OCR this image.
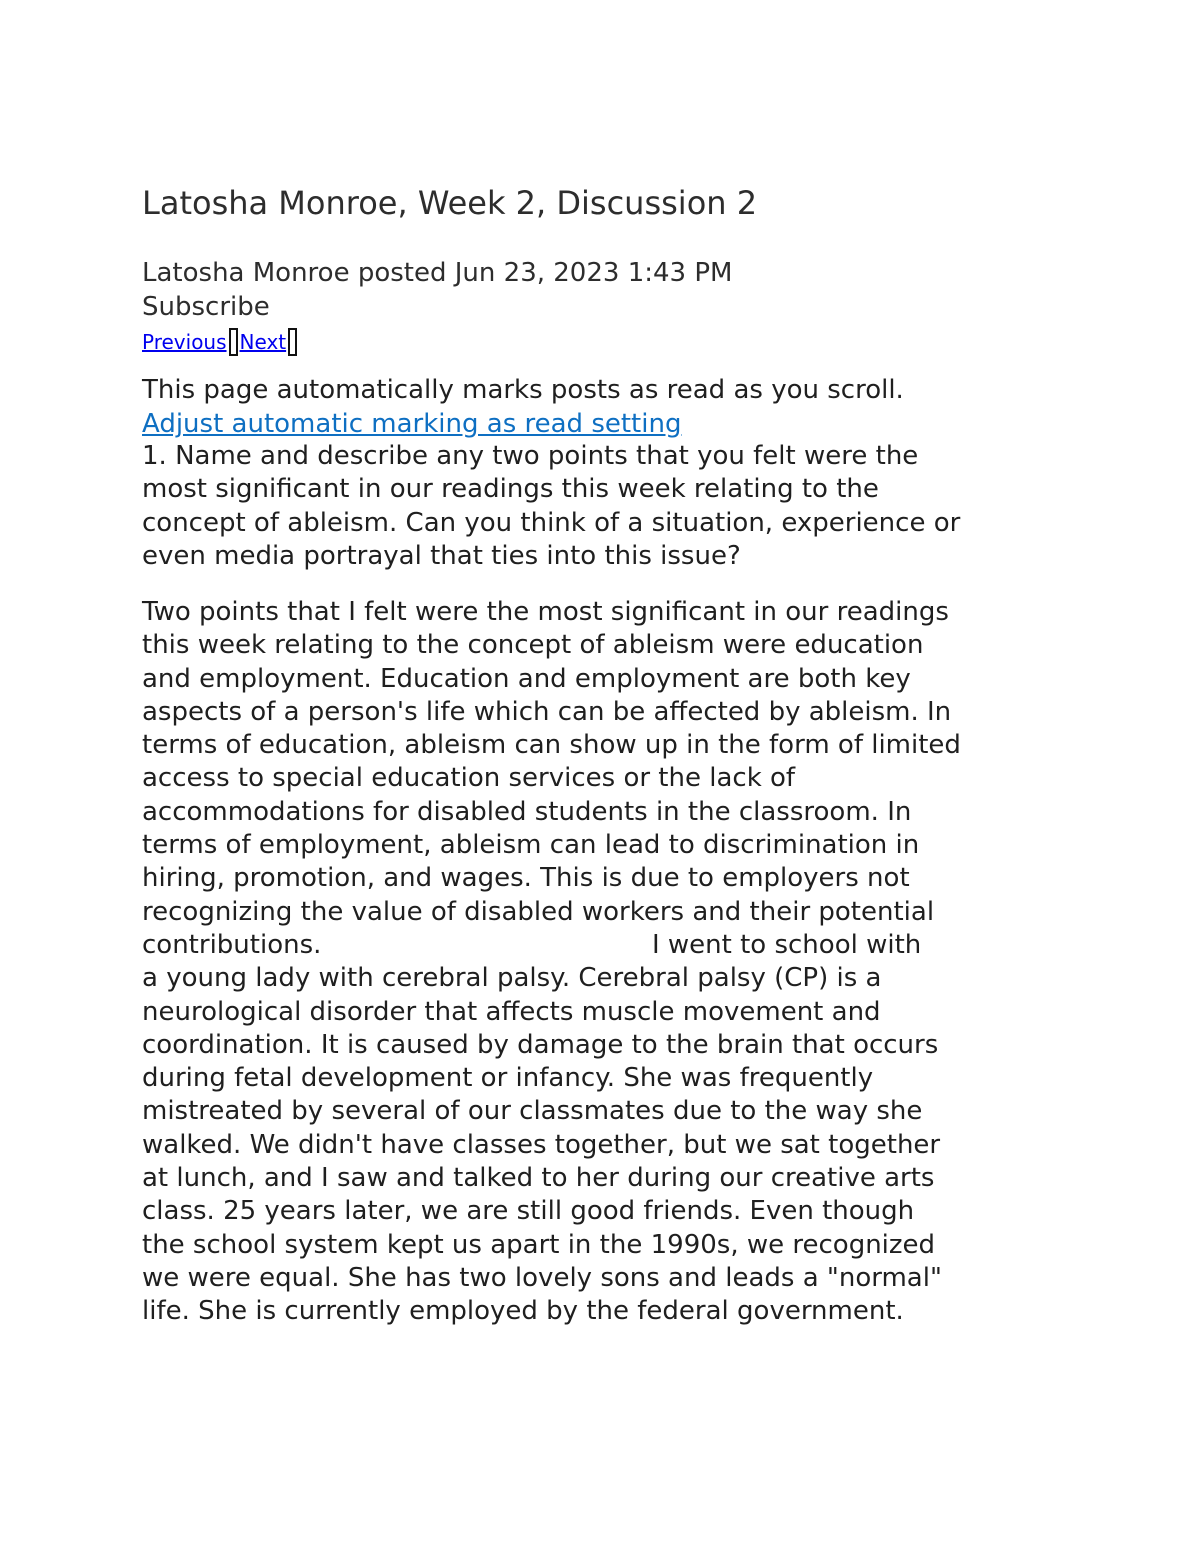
Latosha Monroe, Week 2, Discussion 2
Latosha Monroe posted Jun 23, 2023 1:43 PM
Subscribe
Previous Next
This page automatically marks posts as read as you scroll.
Adjust automatic marking as read setting
1. Name and describe any two points that you felt were the
most significant in our readings this week relating to the
concept of ableism. Can you think of a situation, experience or
even media portrayal that ties into this issue?
Two points that I felt were the most significant in our readings
this week relating to the concept of ableism were education
and employment. Education and employment are both key
aspects of a person's life which can be affected by ableism. In
terms of education, ableism can show up in the form of limited
access to special education services or the lack of
accommodations for disabled students in the classroom. In
terms of employment, ableism can lead to discrimination in
hiring, promotion, and wages. This is due to employers not
recognizing the value of disabled workers and their potential
contributions.                                        I went to school with
a young lady with cerebral palsy. Cerebral palsy (CP) is a
neurological disorder that affects muscle movement and
coordination. It is caused by damage to the brain that occurs
during fetal development or infancy. She was frequently
mistreated by several of our classmates due to the way she
walked. We didn't have classes together, but we sat together
at lunch, and I saw and talked to her during our creative arts
class. 25 years later, we are still good friends. Even though
the school system kept us apart in the 1990s, we recognized
we were equal. She has two lovely sons and leads a "normal"
life. She is currently employed by the federal government.
